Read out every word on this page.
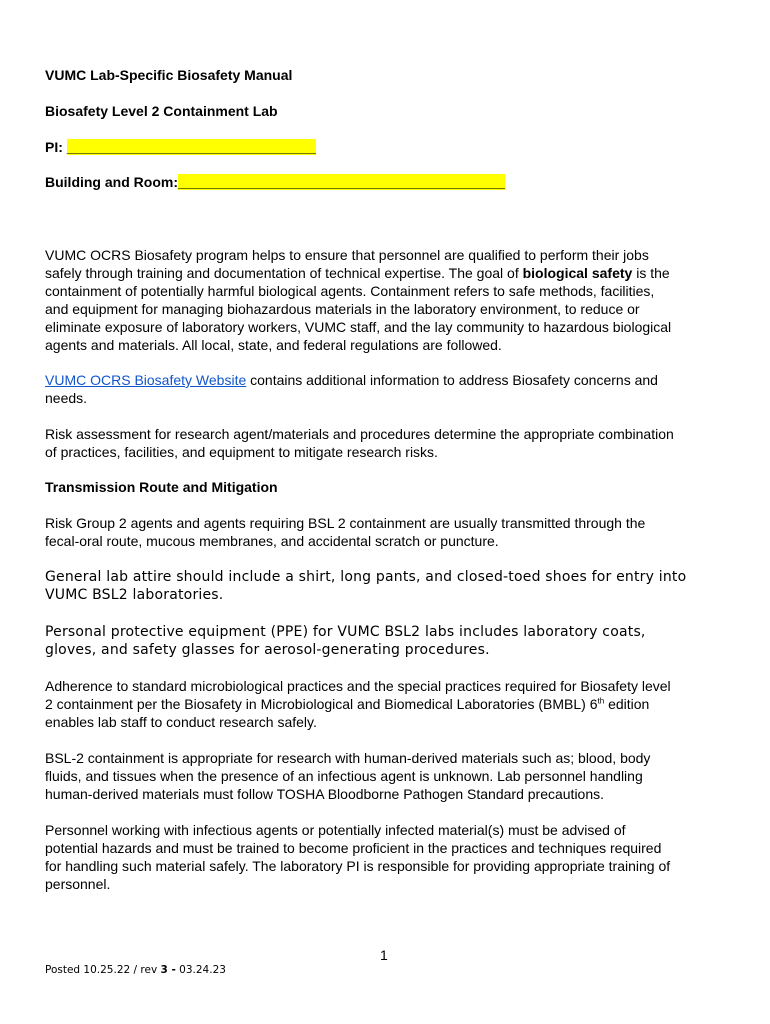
VUMC Lab-Specific Biosafety Manual
Biosafety Level 2 Containment Lab
PI: ________________________________
Building and Room:__________________________________________
VUMC OCRS Biosafety program helps to ensure that personnel are qualified to perform their jobs
safely through training and documentation of technical expertise. The goal of biological safety is the
containment of potentially harmful biological agents. Containment refers to safe methods, facilities,
and equipment for managing biohazardous materials in the laboratory environment, to reduce or
eliminate exposure of laboratory workers, VUMC staff, and the lay community to hazardous biological
agents and materials. All local, state, and federal regulations are followed.
VUMC OCRS Biosafety Website contains additional information to address Biosafety concerns and
needs.
Risk assessment for research agent/materials and procedures determine the appropriate combination
of practices, facilities, and equipment to mitigate research risks.
Transmission Route and Mitigation
Risk Group 2 agents and agents requiring BSL 2 containment are usually transmitted through the
fecal-oral route, mucous membranes, and accidental scratch or puncture.
General lab attire should include a shirt, long pants, and closed-toed shoes for entry into
VUMC BSL2 laboratories.
Personal protective equipment (PPE) for VUMC BSL2 labs includes laboratory coats,
gloves, and safety glasses for aerosol-generating procedures.
Adherence to standard microbiological practices and the special practices required for Biosafety level
2 containment per the Biosafety in Microbiological and Biomedical Laboratories (BMBL) 6th edition
enables lab staff to conduct research safely.
BSL-2 containment is appropriate for research with human-derived materials such as; blood, body
fluids, and tissues when the presence of an infectious agent is unknown. Lab personnel handling
human-derived materials must follow TOSHA Bloodborne Pathogen Standard precautions.
Personnel working with infectious agents or potentially infected material(s) must be advised of
potential hazards and must be trained to become proficient in the practices and techniques required
for handling such material safely. The laboratory PI is responsible for providing appropriate training of
personnel.
1
Posted 10.25.22 / rev 3 - 03.24.23
